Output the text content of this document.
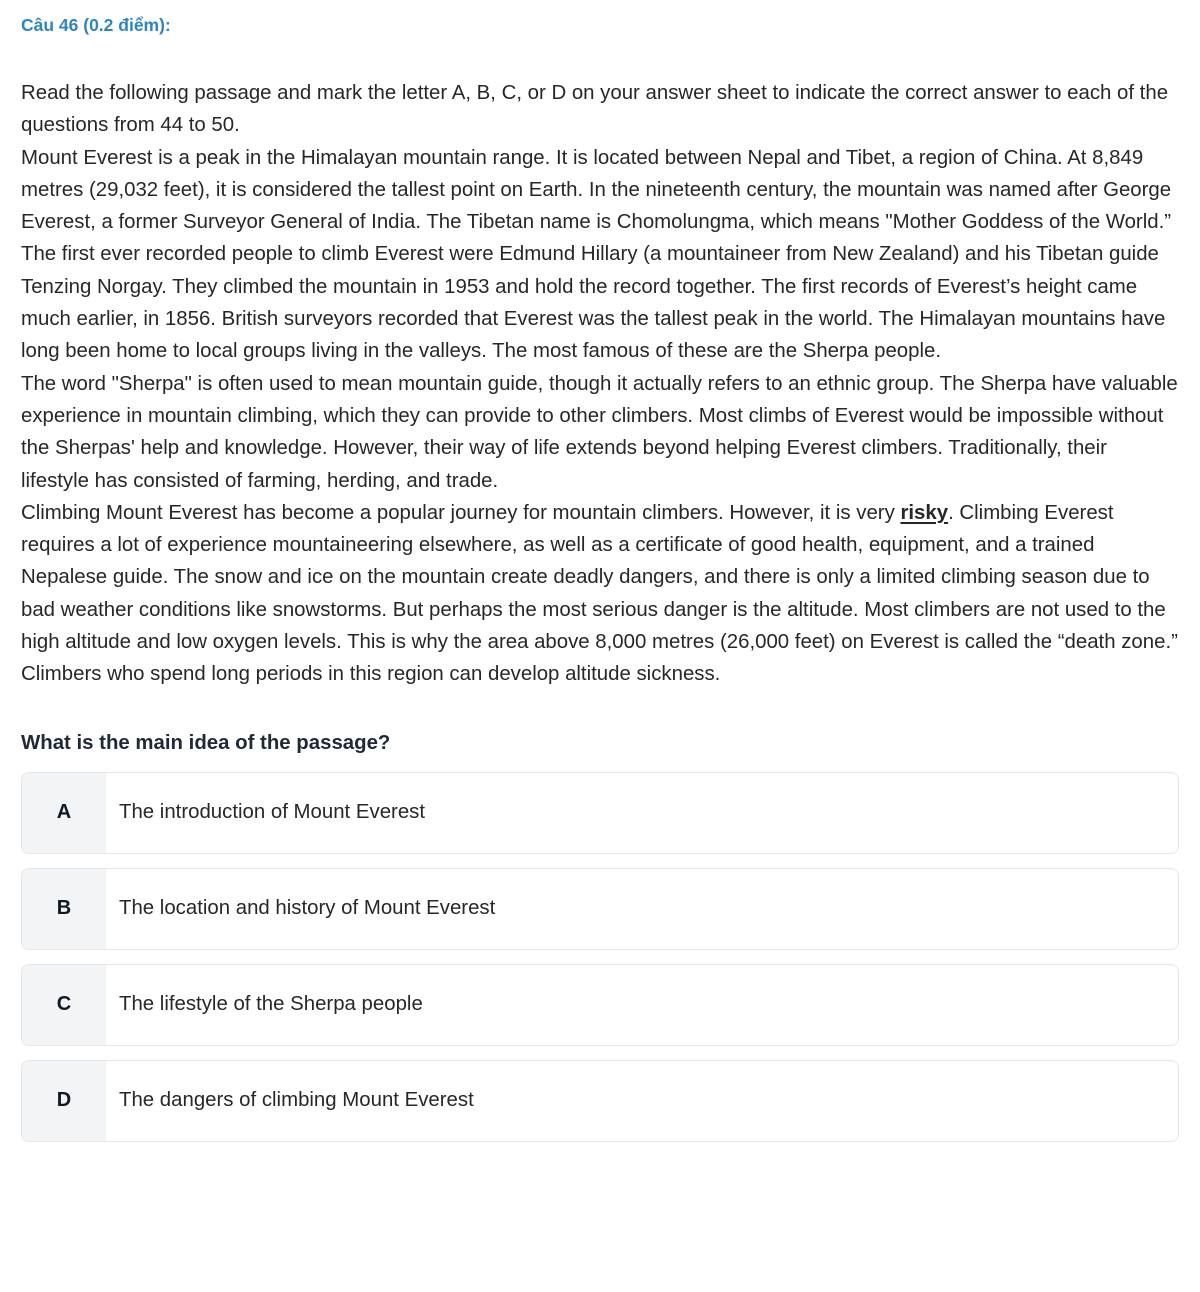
Câu 46 (0.2 điểm):

Read the following passage and mark the letter A, B, C, or D on your answer sheet to indicate the correct answer to each of the questions from 44 to 50.

Mount Everest is a peak in the Himalayan mountain range. It is located between Nepal and Tibet, a region of China. At 8,849 metres (29,032 feet), it is considered the tallest point on Earth. In the nineteenth century, the mountain was named after George Everest, a former Surveyor General of India. The Tibetan name is Chomolungma, which means "Mother Goddess of the World.”

The first ever recorded people to climb Everest were Edmund Hillary (a mountaineer from New Zealand) and his Tibetan guide Tenzing Norgay. They climbed the mountain in 1953 and hold the record together. The first records of Everest’s height came much earlier, in 1856. British surveyors recorded that Everest was the tallest peak in the world. The Himalayan mountains have long been home to local groups living in the valleys. The most famous of these are the Sherpa people.

The word "Sherpa" is often used to mean mountain guide, though it actually refers to an ethnic group. The Sherpa have valuable experience in mountain climbing, which they can provide to other climbers. Most climbs of Everest would be impossible without the Sherpas' help and knowledge. However, their way of life extends beyond helping Everest climbers. Traditionally, their lifestyle has consisted of farming, herding, and trade.

Climbing Mount Everest has become a popular journey for mountain climbers. However, it is very risky. Climbing Everest requires a lot of experience mountaineering elsewhere, as well as a certificate of good health, equipment, and a trained Nepalese guide. The snow and ice on the mountain create deadly dangers, and there is only a limited climbing season due to bad weather conditions like snowstorms. But perhaps the most serious danger is the altitude. Most climbers are not used to the high altitude and low oxygen levels. This is why the area above 8,000 metres (26,000 feet) on Everest is called the “death zone.” Climbers who spend long periods in this region can develop altitude sickness.

What is the main idea of the passage?
A	The introduction of Mount Everest
B	The location and history of Mount Everest
C	The lifestyle of the Sherpa people
D	The dangers of climbing Mount Everest
